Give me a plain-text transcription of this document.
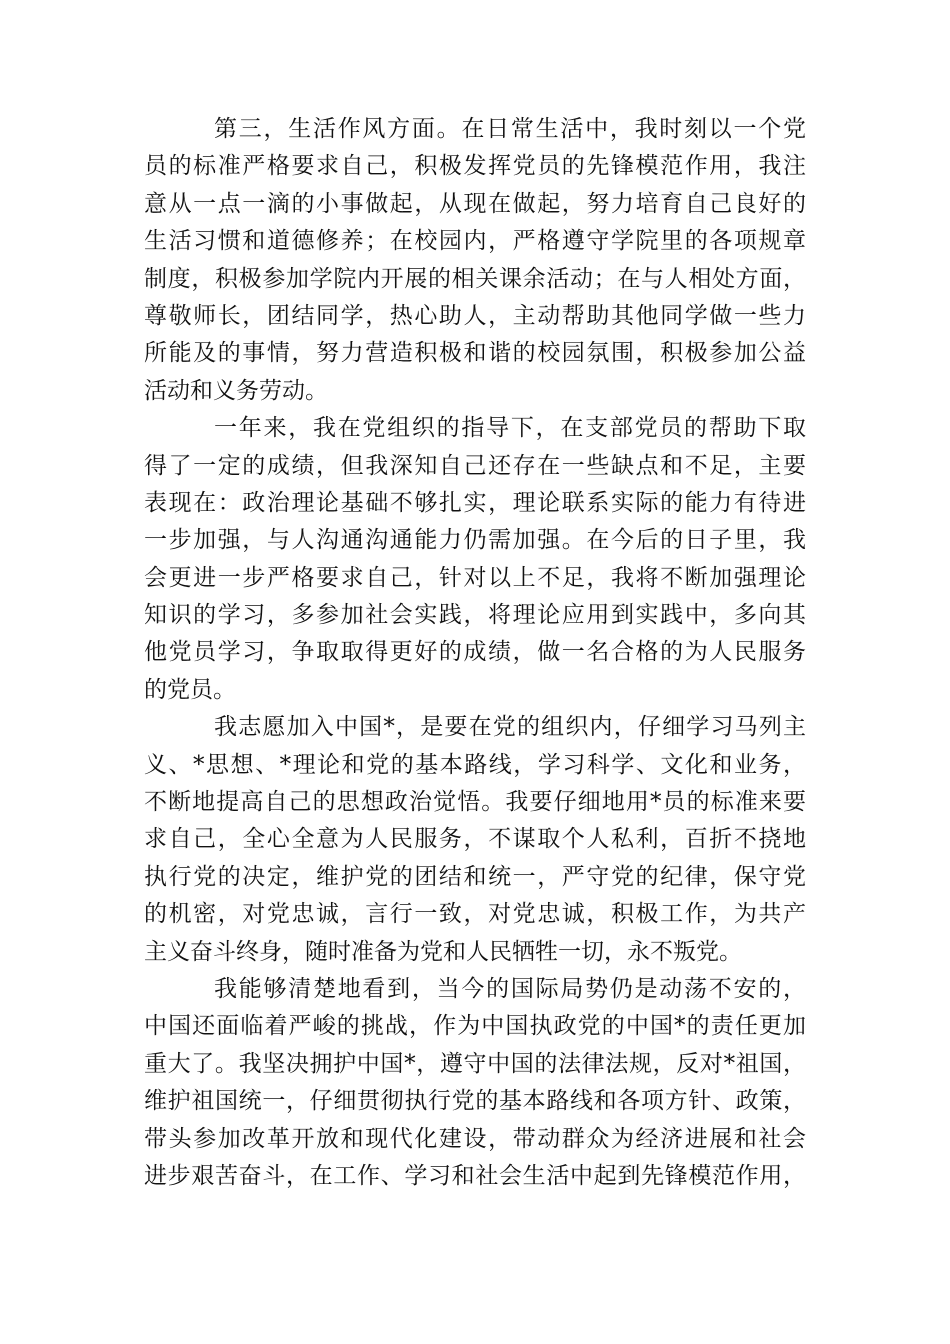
第三，生活作风方面。在日常生活中，我时刻以一个党
员的标准严格要求自己，积极发挥党员的先锋模范作用，我注
意从一点一滴的小事做起，从现在做起，努力培育自己良好的
生活习惯和道德修养；在校园内，严格遵守学院里的各项规章
制度，积极参加学院内开展的相关课余活动；在与人相处方面，
尊敬师长，团结同学，热心助人，主动帮助其他同学做一些力
所能及的事情，努力营造积极和谐的校园氛围，积极参加公益
活动和义务劳动。
一年来，我在党组织的指导下，在支部党员的帮助下取
得了一定的成绩，但我深知自己还存在一些缺点和不足，主要
表现在：政治理论基础不够扎实，理论联系实际的能力有待进
一步加强，与人沟通沟通能力仍需加强。在今后的日子里，我
会更进一步严格要求自己，针对以上不足，我将不断加强理论
知识的学习，多参加社会实践，将理论应用到实践中，多向其
他党员学习，争取取得更好的成绩，做一名合格的为人民服务
的党员。
我志愿加入中国*，是要在党的组织内，仔细学习马列主
义、*思想、*理论和党的基本路线，学习科学、文化和业务，
不断地提高自己的思想政治觉悟。我要仔细地用*员的标准来要
求自己，全心全意为人民服务，不谋取个人私利，百折不挠地
执行党的决定，维护党的团结和统一，严守党的纪律，保守党
的机密，对党忠诚，言行一致，对党忠诚，积极工作，为共产
主义奋斗终身，随时准备为党和人民牺牲一切，永不叛党。
我能够清楚地看到，当今的国际局势仍是动荡不安的，
中国还面临着严峻的挑战，作为中国执政党的中国*的责任更加
重大了。我坚决拥护中国*，遵守中国的法律法规，反对*祖国，
维护祖国统一，仔细贯彻执行党的基本路线和各项方针、政策，
带头参加改革开放和现代化建设，带动群众为经济进展和社会
进步艰苦奋斗，在工作、学习和社会生活中起到先锋模范作用，
